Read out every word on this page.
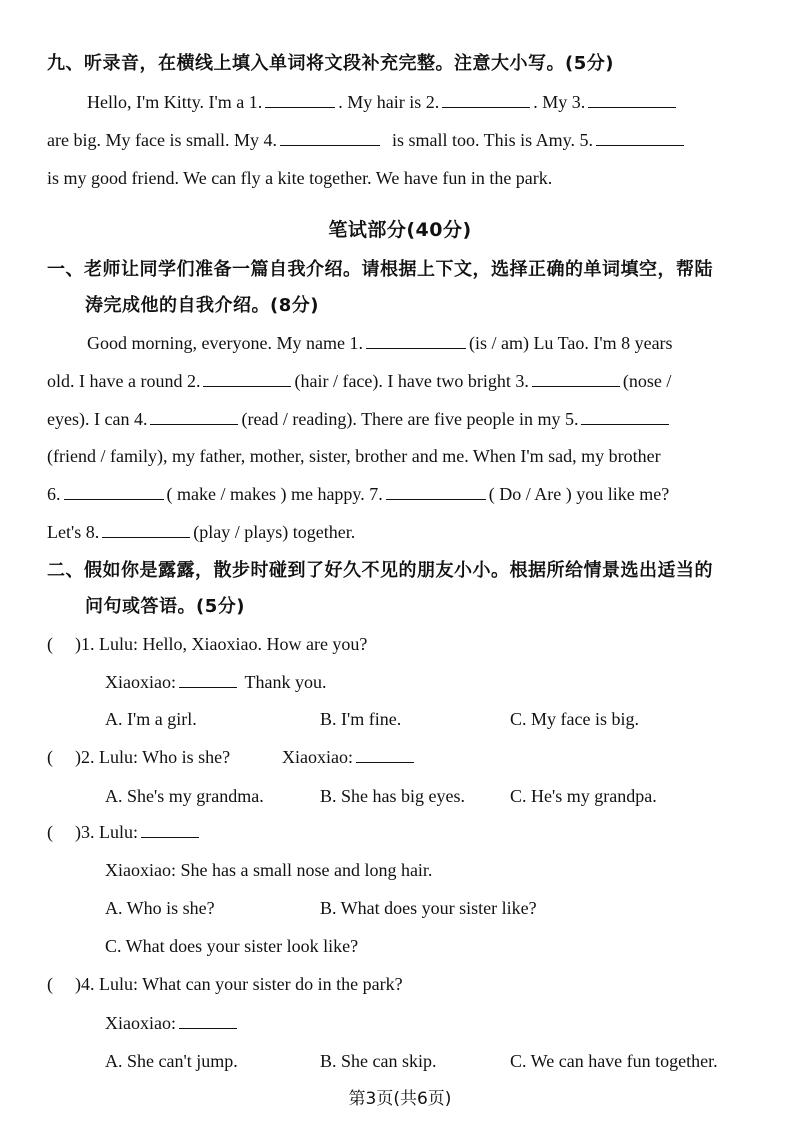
九、听录音，在横线上填入单词将文段补充完整。注意大小写。(5分)
Hello, I'm Kitty. I'm a 1.	. My hair is 2.	. My 3.
are big. My face is small. My 4.	is small too. This is Amy. 5.
is my good friend. We can fly a kite together. We have fun in the park.
笔试部分(40分)
一、老师让同学们准备一篇自我介绍。请根据上下文，选择正确的单词填空，帮陆
涛完成他的自我介绍。(8分)
Good morning, everyone. My name 1.	(is / am) Lu Tao. I'm 8 years
old. I have a round 2.	(hair / face). I have two bright 3.	(nose /
eyes). I can 4.	(read / reading). There are five people in my 5.
(friend / family), my father, mother, sister, brother and me. When I'm sad, my brother
6.	( make / makes ) me happy. 7.	( Do / Are ) you like me?
Let's 8.	(play / plays) together.
二、假如你是露露，散步时碰到了好久不见的朋友小小。根据所给情景选出适当的
问句或答语。(5分)
( )1. Lulu: Hello, Xiaoxiao. How are you?
Xiaoxiao:	Thank you.
A. I'm a girl.	B. I'm fine.	C. My face is big.
( )2. Lulu: Who is she?	Xiaoxiao:
A. She's my grandma.	B. She has big eyes.	C. He's my grandpa.
( )3. Lulu:
Xiaoxiao: She has a small nose and long hair.
A. Who is she?	B. What does your sister like?
C. What does your sister look like?
( )4. Lulu: What can your sister do in the park?
Xiaoxiao:
A. She can't jump.	B. She can skip.	C. We can have fun together.
第3页(共6页)
